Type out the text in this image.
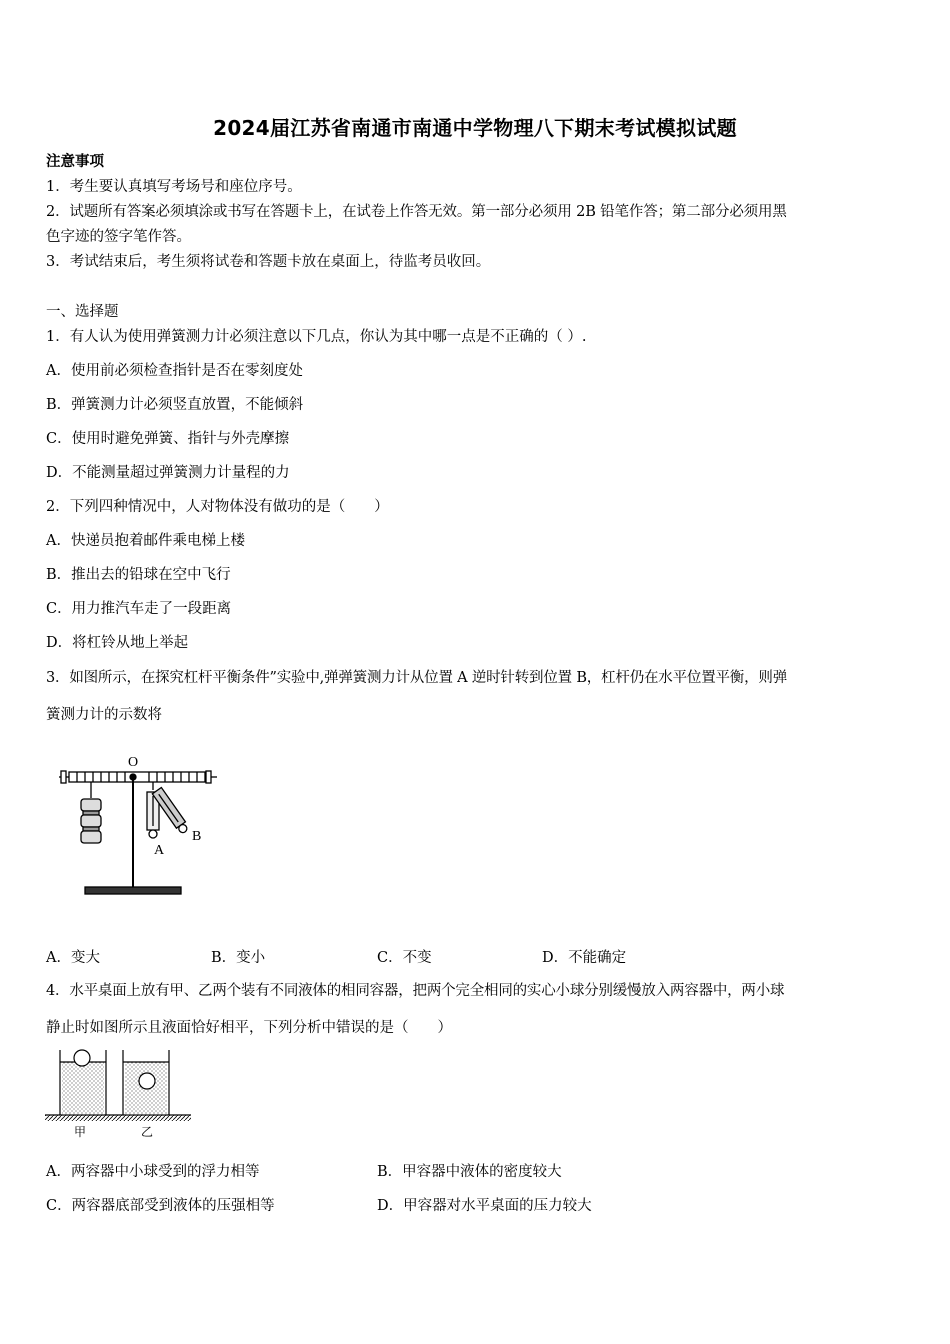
2024届江苏省南通市南通中学物理八下期末考试模拟试题
注意事项
1．考生要认真填写考场号和座位序号。
2．试题所有答案必须填涂或书写在答题卡上，在试卷上作答无效。第一部分必须用 2B 铅笔作答；第二部分必须用黑
色字迹的签字笔作答。
3．考试结束后，考生须将试卷和答题卡放在桌面上，待监考员收回。
一、选择题
1．有人认为使用弹簧测力计必须注意以下几点，你认为其中哪一点是不正确的（ ）.
A．使用前必须检查指针是否在零刻度处
B．弹簧测力计必须竖直放置，不能倾斜
C．使用时避免弹簧、指针与外壳摩擦
D．不能测量超过弹簧测力计量程的力
2．下列四种情况中，人对物体没有做功的是（　　）
A．快递员抱着邮件乘电梯上楼
B．推出去的铅球在空中飞行
C．用力推汽车走了一段距离
D．将杠铃从地上举起
3．如图所示，在探究杠杆平衡条件”实验中,弹弹簧测力计从位置 A 逆时针转到位置 B，杠杆仍在水平位置平衡，则弹
簧测力计的示数将
O
A
B
A．变大	B．变小	C．不变	D．不能确定
4．水平桌面上放有甲、乙两个装有不同液体的相同容器，把两个完全相同的实心小球分别缓慢放入两容器中，两小球
静止时如图所示且液面恰好相平，下列分析中错误的是（　　）
甲	乙
A．两容器中小球受到的浮力相等	B．甲容器中液体的密度较大
C．两容器底部受到液体的压强相等	D．甲容器对水平桌面的压力较大
